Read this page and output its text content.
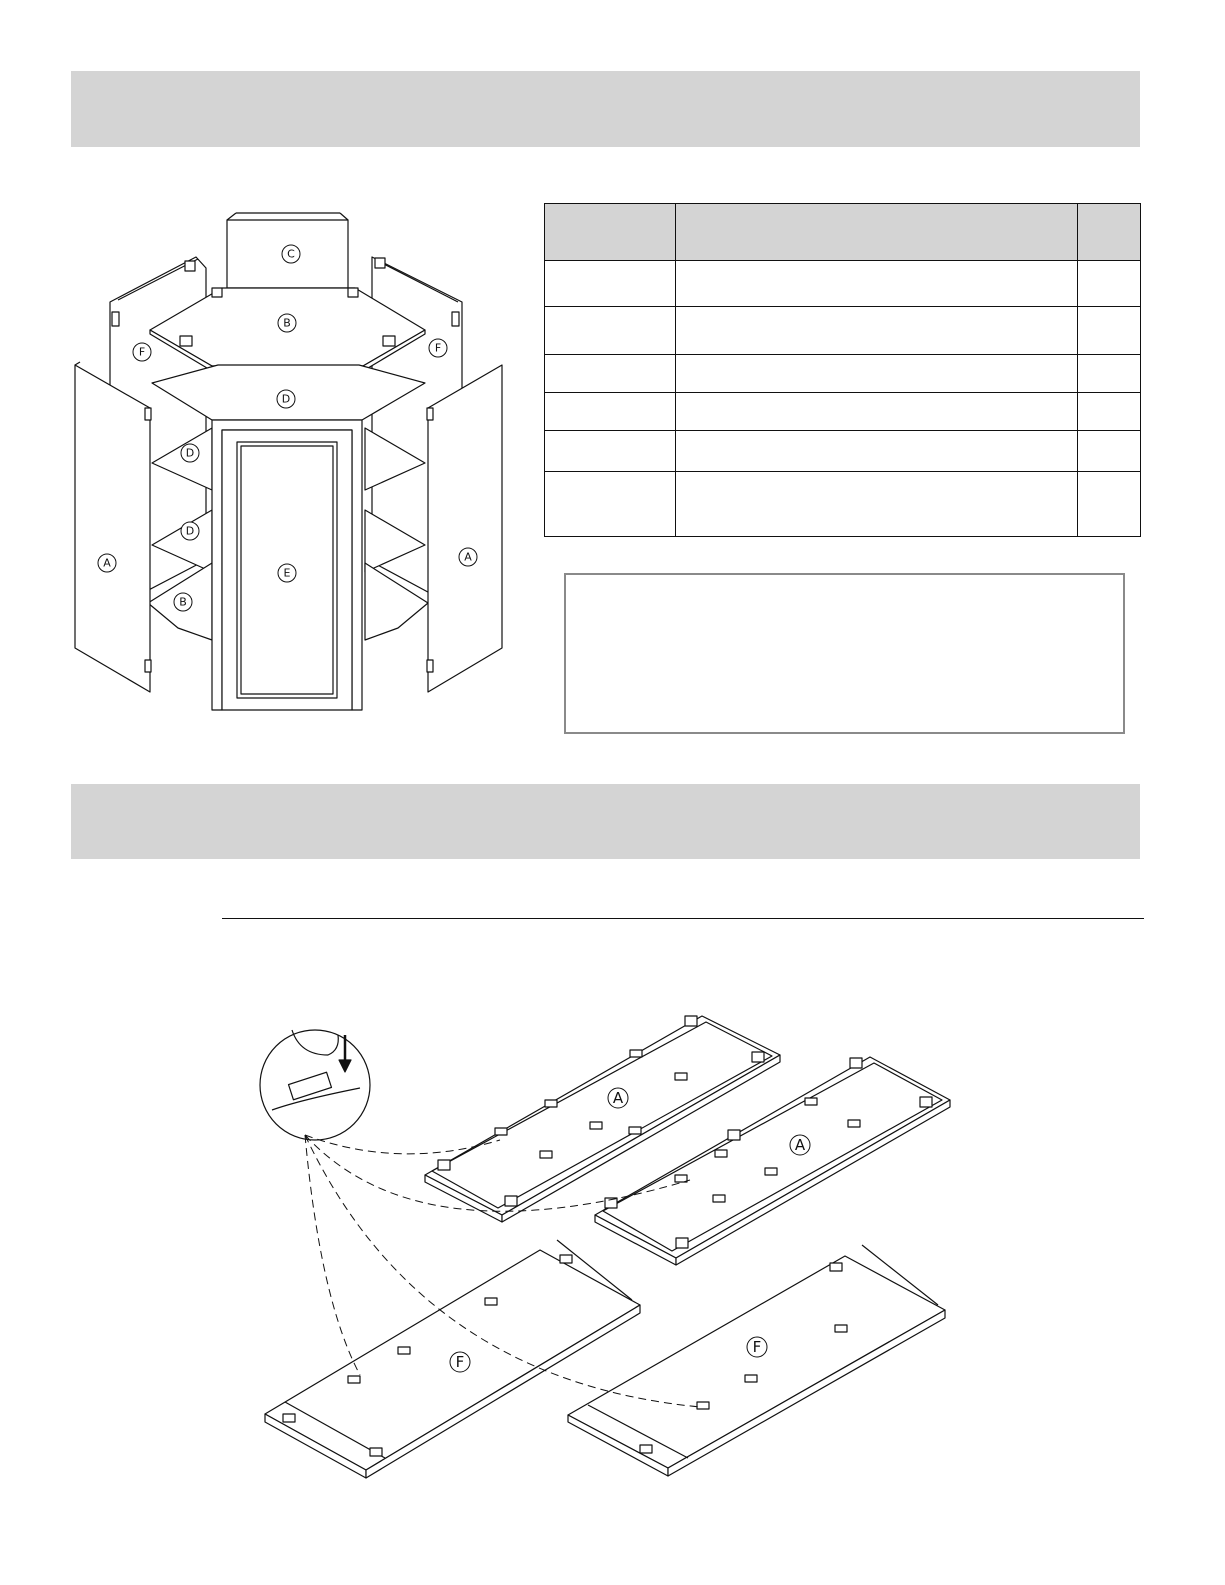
C
B
F	F
D
D
D
B
E
A	A

A
A
F
F
